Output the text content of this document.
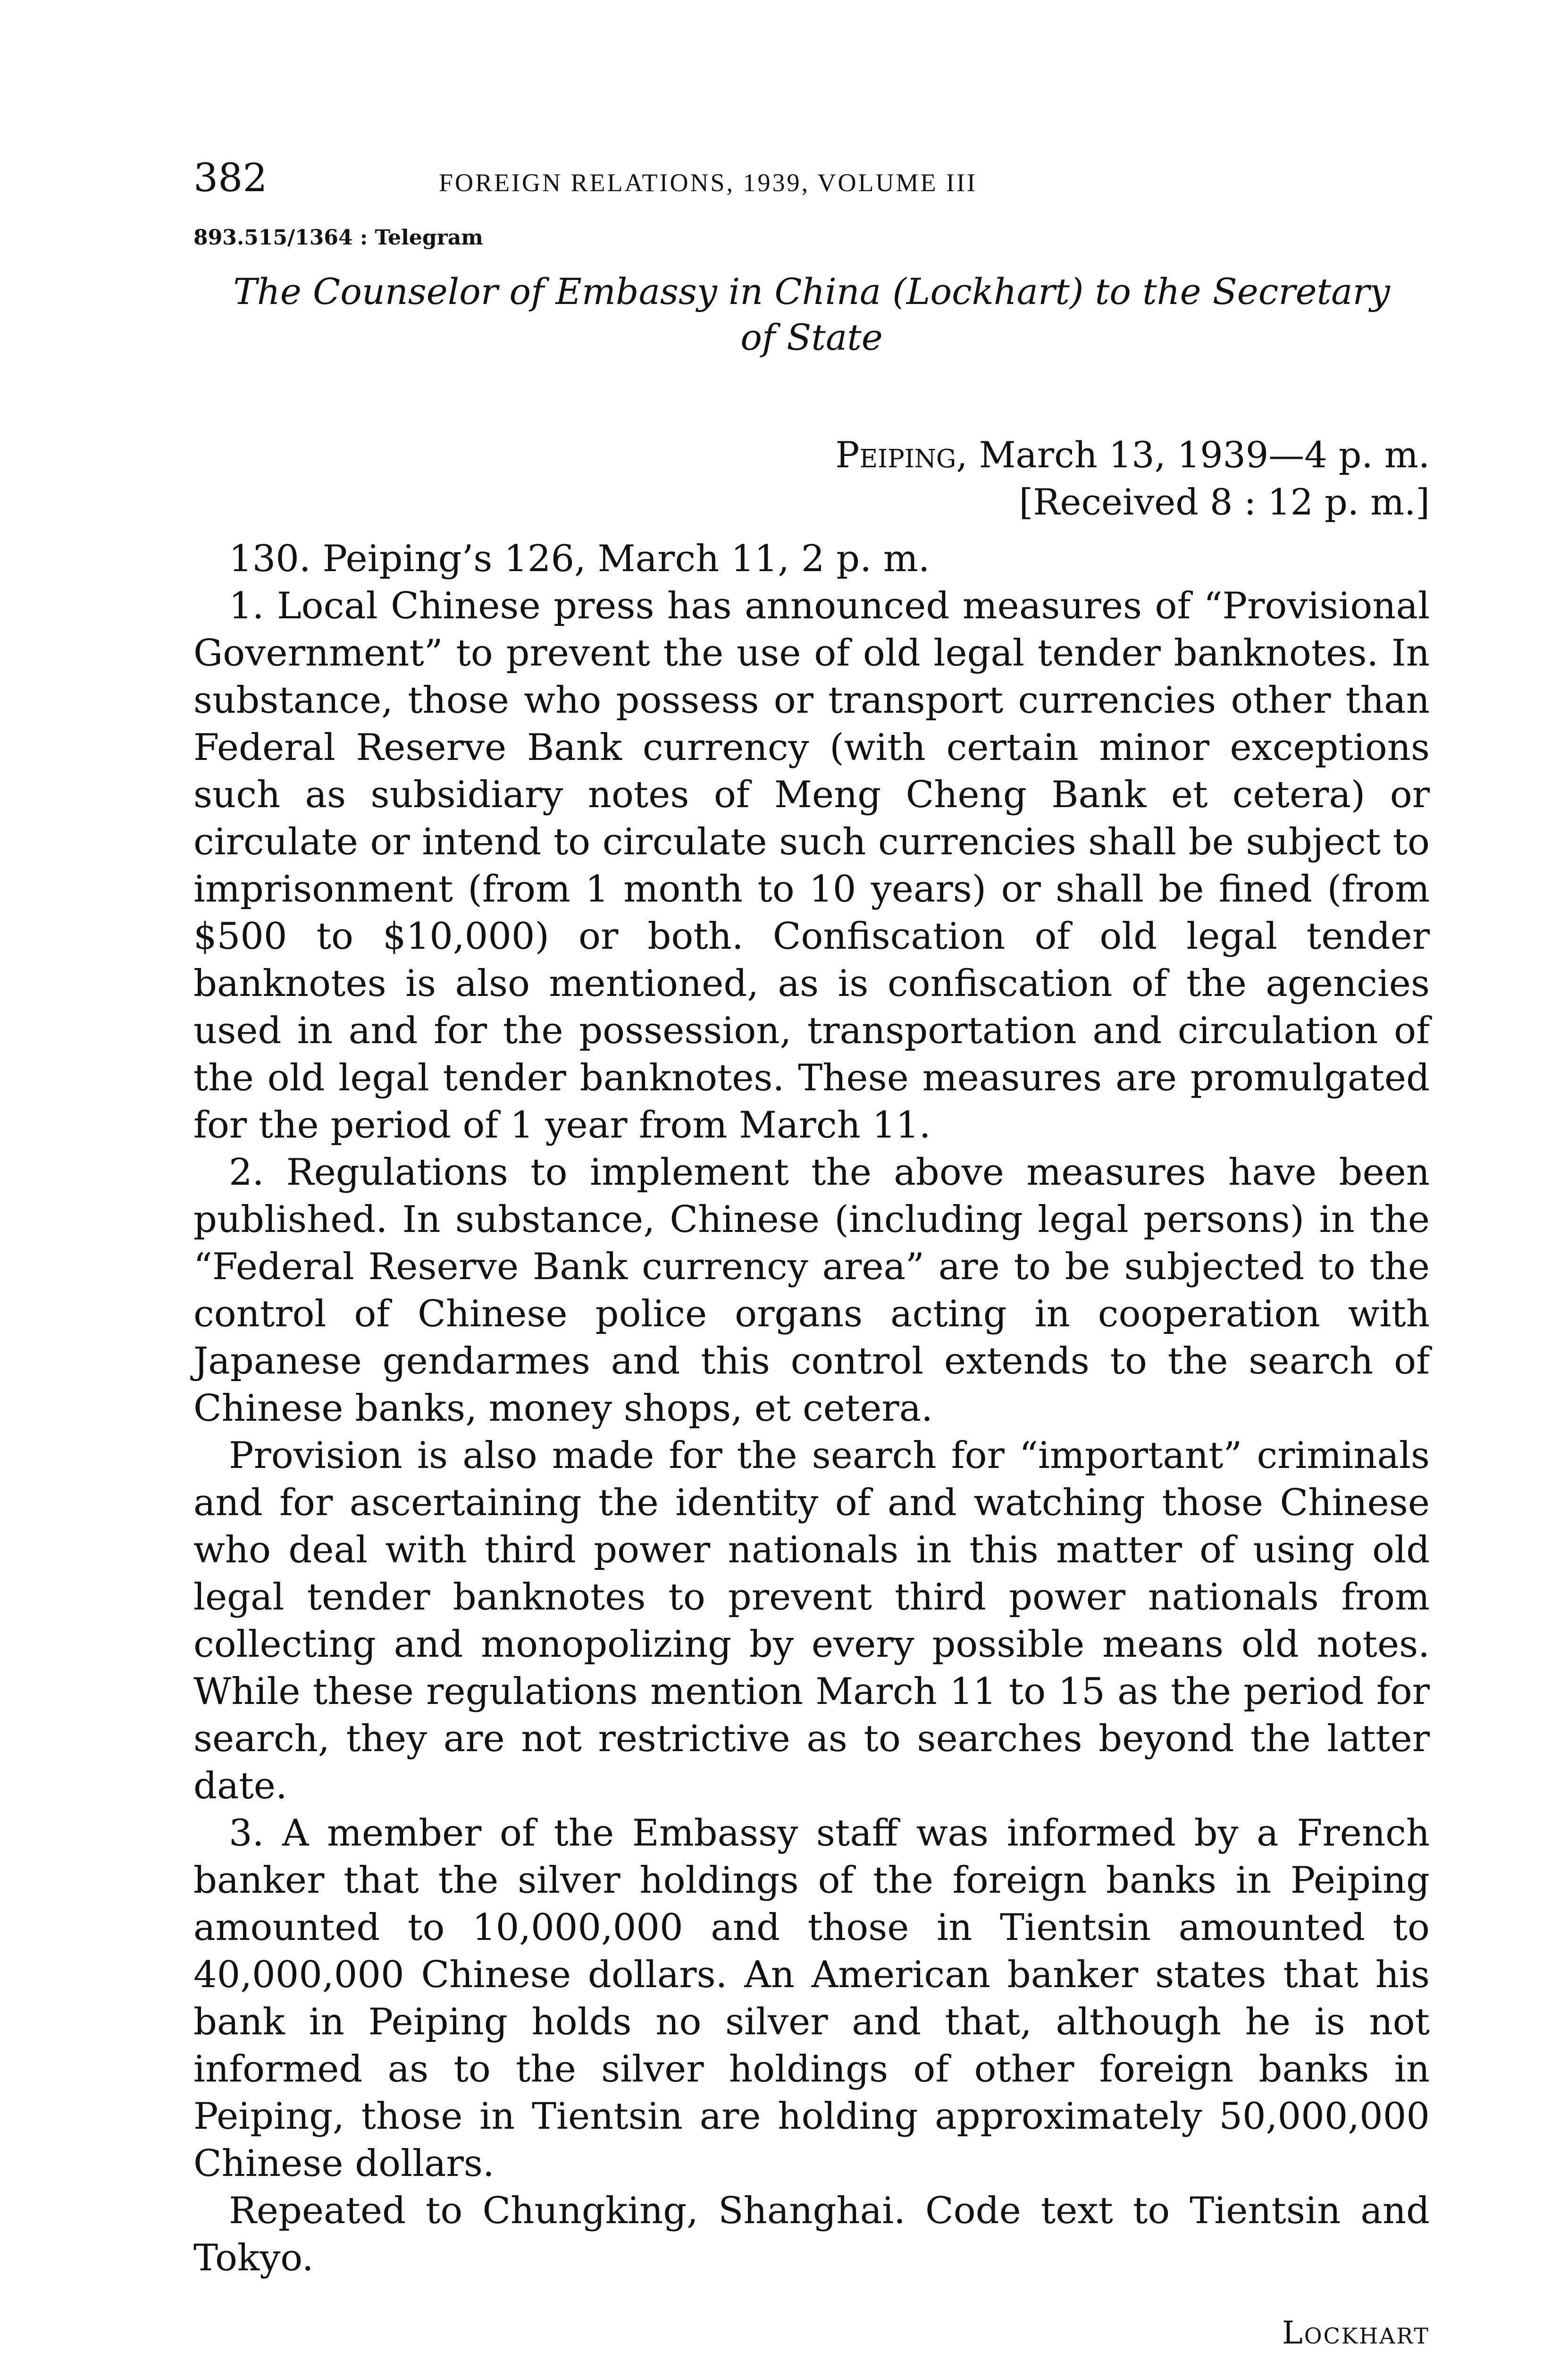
382	FOREIGN RELATIONS, 1939, VOLUME III
893.515/1364 : Telegram
The Counselor of Embassy in China (Lockhart) to the Secretary of State
Peiping, March 13, 1939—4 p. m.
[Received 8 : 12 p. m.]

130. Peiping’s 126, March 11, 2 p. m.

1. Local Chinese press has announced measures of “Provisional Government” to prevent the use of old legal tender banknotes. In substance, those who possess or transport currencies other than Federal Reserve Bank currency (with certain minor exceptions such as subsidiary notes of Meng Cheng Bank et cetera) or circulate or intend to circulate such currencies shall be subject to imprisonment (from 1 month to 10 years) or shall be fined (from $500 to $10,000) or both. Confiscation of old legal tender banknotes is also mentioned, as is confiscation of the agencies used in and for the possession, transportation and circulation of the old legal tender banknotes. These measures are promulgated for the period of 1 year from March 11.

2. Regulations to implement the above measures have been published. In substance, Chinese (including legal persons) in the “Federal Reserve Bank currency area” are to be subjected to the control of Chinese police organs acting in cooperation with Japanese gendarmes and this control extends to the search of Chinese banks, money shops, et cetera.

Provision is also made for the search for “important” criminals and for ascertaining the identity of and watching those Chinese who deal with third power nationals in this matter of using old legal tender banknotes to prevent third power nationals from collecting and monopolizing by every possible means old notes. While these regulations mention March 11 to 15 as the period for search, they are not restrictive as to searches beyond the latter date.

3. A member of the Embassy staff was informed by a French banker that the silver holdings of the foreign banks in Peiping amounted to 10,000,000 and those in Tientsin amounted to 40,000,000 Chinese dollars. An American banker states that his bank in Peiping holds no silver and that, although he is not informed as to the silver holdings of other foreign banks in Peiping, those in Tientsin are holding approximately 50,000,000 Chinese dollars.

Repeated to Chungking, Shanghai. Code text to Tientsin and Tokyo.

Lockhart
